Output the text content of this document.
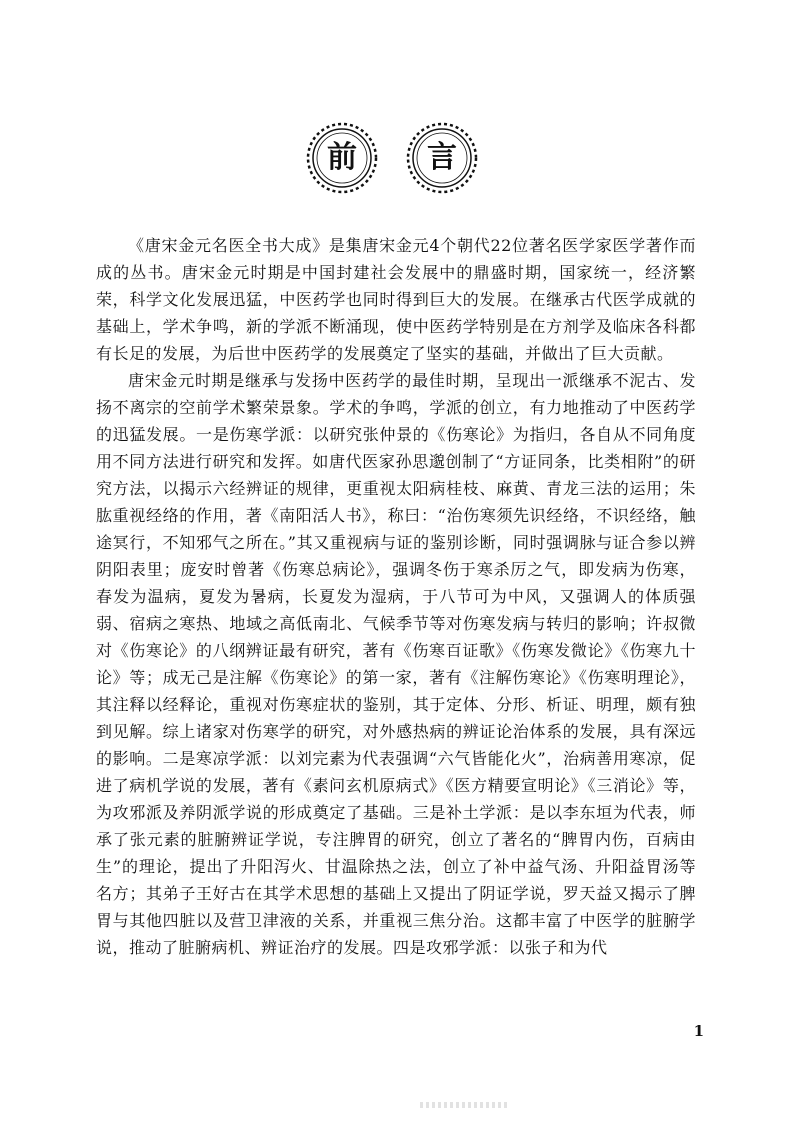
前	言

《唐宋金元名医全书大成》是集唐宋金元4个朝代22位著名医学家医学著作而成的丛书。唐宋金元时期是中国封建社会发展中的鼎盛时期，国家统一，经济繁荣，科学文化发展迅猛，中医药学也同时得到巨大的发展。在继承古代医学成就的基础上，学术争鸣，新的学派不断涌现，使中医药学特别是在方剂学及临床各科都有长足的发展，为后世中医药学的发展奠定了坚实的基础，并做出了巨大贡献。

唐宋金元时期是继承与发扬中医药学的最佳时期，呈现出一派继承不泥古、发扬不离宗的空前学术繁荣景象。学术的争鸣，学派的创立，有力地推动了中医药学的迅猛发展。一是伤寒学派：以研究张仲景的《伤寒论》为指归，各自从不同角度用不同方法进行研究和发挥。如唐代医家孙思邈创制了“方证同条，比类相附”的研究方法，以揭示六经辨证的规律，更重视太阳病桂枝、麻黄、青龙三法的运用；朱肱重视经络的作用，著《南阳活人书》，称曰：“治伤寒须先识经络，不识经络，触途冥行，不知邪气之所在。”其又重视病与证的鉴别诊断，同时强调脉与证合参以辨阴阳表里；庞安时曾著《伤寒总病论》，强调冬伤于寒杀厉之气，即发病为伤寒，春发为温病，夏发为暑病，长夏发为湿病，于八节可为中风，又强调人的体质强弱、宿病之寒热、地域之高低南北、气候季节等对伤寒发病与转归的影响；许叔微对《伤寒论》的八纲辨证最有研究，著有《伤寒百证歌》《伤寒发微论》《伤寒九十论》等；成无己是注解《伤寒论》的第一家，著有《注解伤寒论》《伤寒明理论》，其注释以经释论，重视对伤寒症状的鉴别，其于定体、分形、析证、明理，颇有独到见解。综上诸家对伤寒学的研究，对外感热病的辨证论治体系的发展，具有深远的影响。二是寒凉学派：以刘完素为代表强调“六气皆能化火”，治病善用寒凉，促进了病机学说的发展，著有《素问玄机原病式》《医方精要宣明论》《三消论》等，为攻邪派及养阴派学说的形成奠定了基础。三是补土学派：是以李东垣为代表，师承了张元素的脏腑辨证学说，专注脾胃的研究，创立了著名的“脾胃内伤，百病由生”的理论，提出了升阳泻火、甘温除热之法，创立了补中益气汤、升阳益胃汤等名方；其弟子王好古在其学术思想的基础上又提出了阴证学说，罗天益又揭示了脾胃与其他四脏以及营卫津液的关系，并重视三焦分治。这都丰富了中医学的脏腑学说，推动了脏腑病机、辨证治疗的发展。四是攻邪学派：以张子和为代

1
